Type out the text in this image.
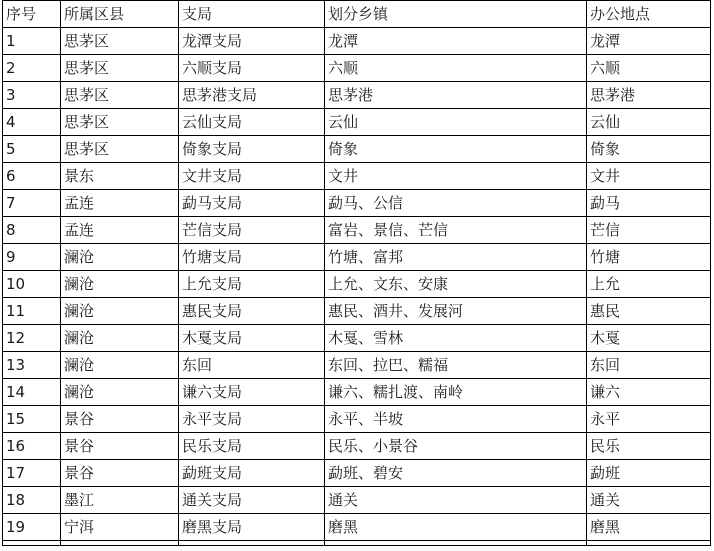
序号	所属区县	支局	划分乡镇	办公地点
1	思茅区	龙潭支局	龙潭	龙潭
2	思茅区	六顺支局	六顺	六顺
3	思茅区	思茅港支局	思茅港	思茅港
4	思茅区	云仙支局	云仙	云仙
5	思茅区	倚象支局	倚象	倚象
6	景东	文井支局	文井	文井
7	孟连	勐马支局	勐马、公信	勐马
8	孟连	芒信支局	富岩、景信、芒信	芒信
9	澜沧	竹塘支局	竹塘、富邦	竹塘
10	澜沧	上允支局	上允、文东、安康	上允
11	澜沧	惠民支局	惠民、酒井、发展河	惠民
12	澜沧	木戛支局	木戛、雪林	木戛
13	澜沧	东回	东回、拉巴、糯福	东回
14	澜沧	谦六支局	谦六、糯扎渡、南岭	谦六
15	景谷	永平支局	永平、半坡	永平
16	景谷	民乐支局	民乐、小景谷	民乐
17	景谷	勐班支局	勐班、碧安	勐班
18	墨江	通关支局	通关	通关
19	宁洱	磨黑支局	磨黑	磨黑
